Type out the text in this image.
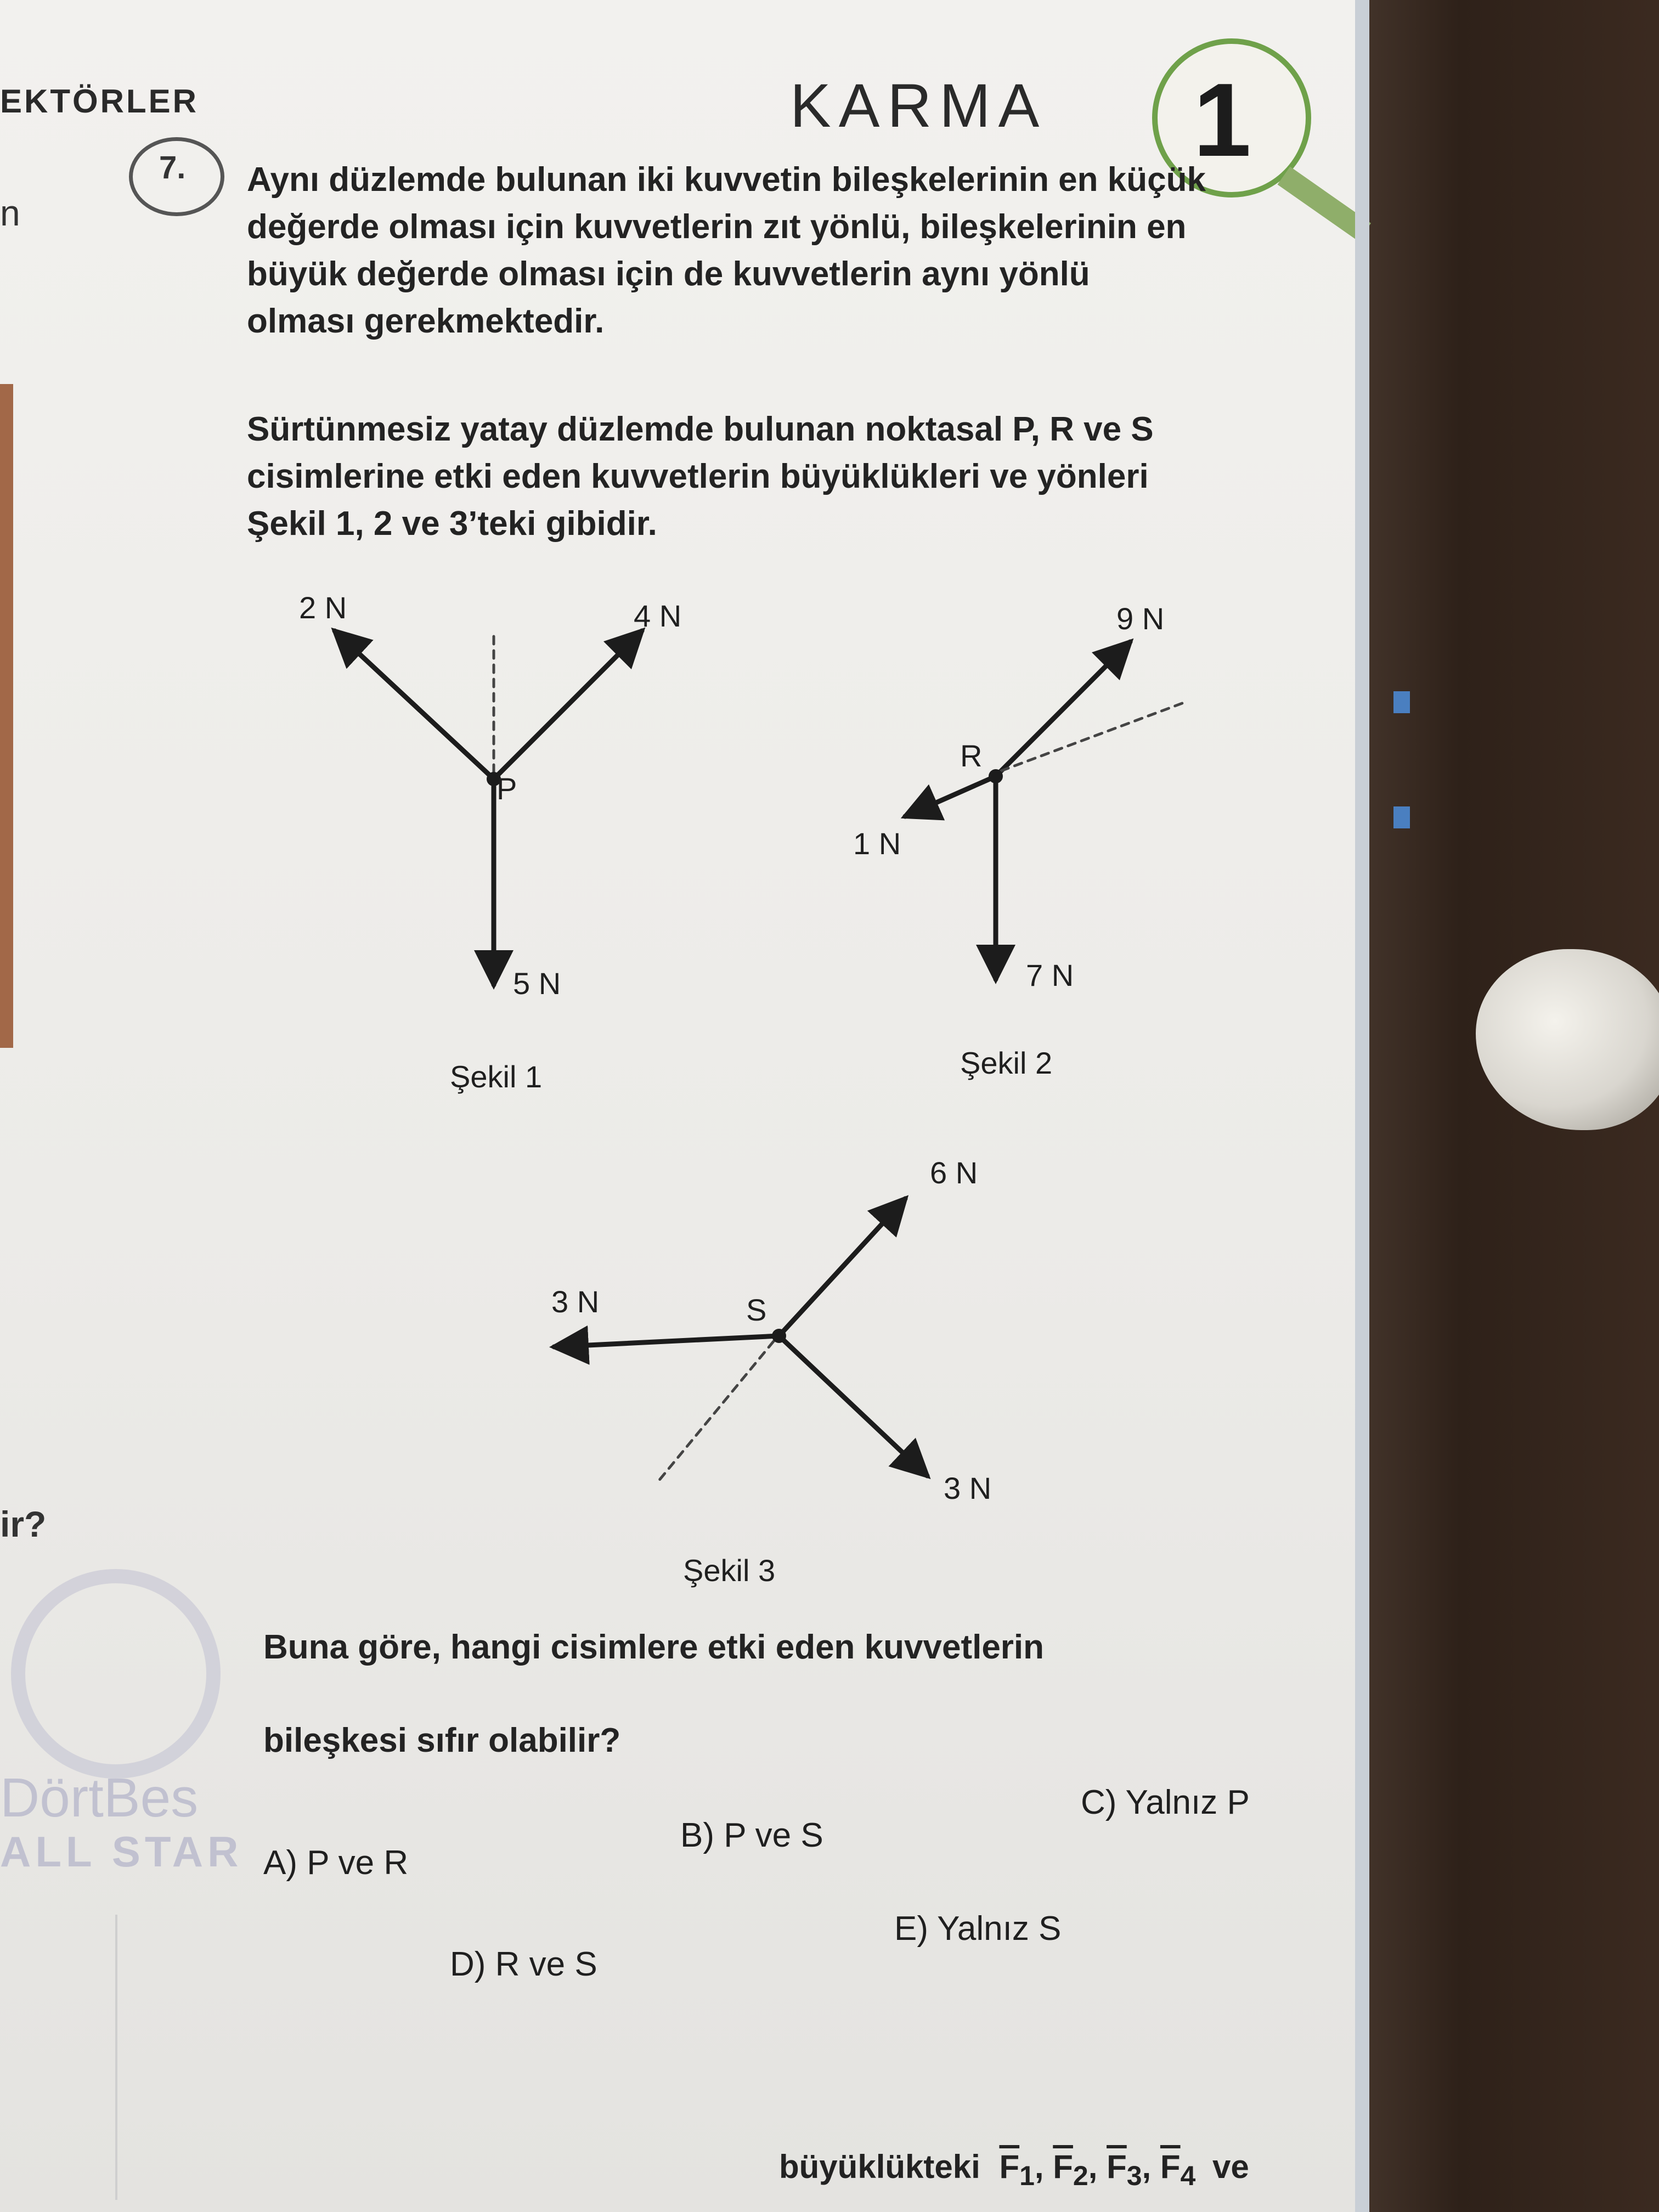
EKTÖRLER	KARMA 1
n
ir?
7. Aynı düzlemde bulunan iki kuvvetin bileşkelerinin en küçük
değerde olması için kuvvetlerin zıt yönlü, bileşkelerinin en
büyük değerde olması için de kuvvetlerin aynı yönlü
olması gerekmektedir.
Sürtünmesiz yatay düzlemde bulunan noktasal P, R ve S
cisimlerine etki eden kuvvetlerin büyüklükleri ve yönleri
Şekil 1, 2 ve 3’teki gibidir.
2 N	4 N
5 N
P
Şekil 1
9 N
1 N
7 N
R
Şekil 2
6 N
3 N
3 N
S
Şekil 3
Buna göre, hangi cisimlere etki eden kuvvetlerin
bileşkesi sıfır olabilir?
DörtBes
ALL STAR A) P ve R
B) P ve S
C) Yalnız P
D) R ve S
E) Yalnız S
büyüklükteki $\overline{F}_1$, $\overline{F}_2$, $\overline{F}_3$, $\overline{F}_4$ ve
